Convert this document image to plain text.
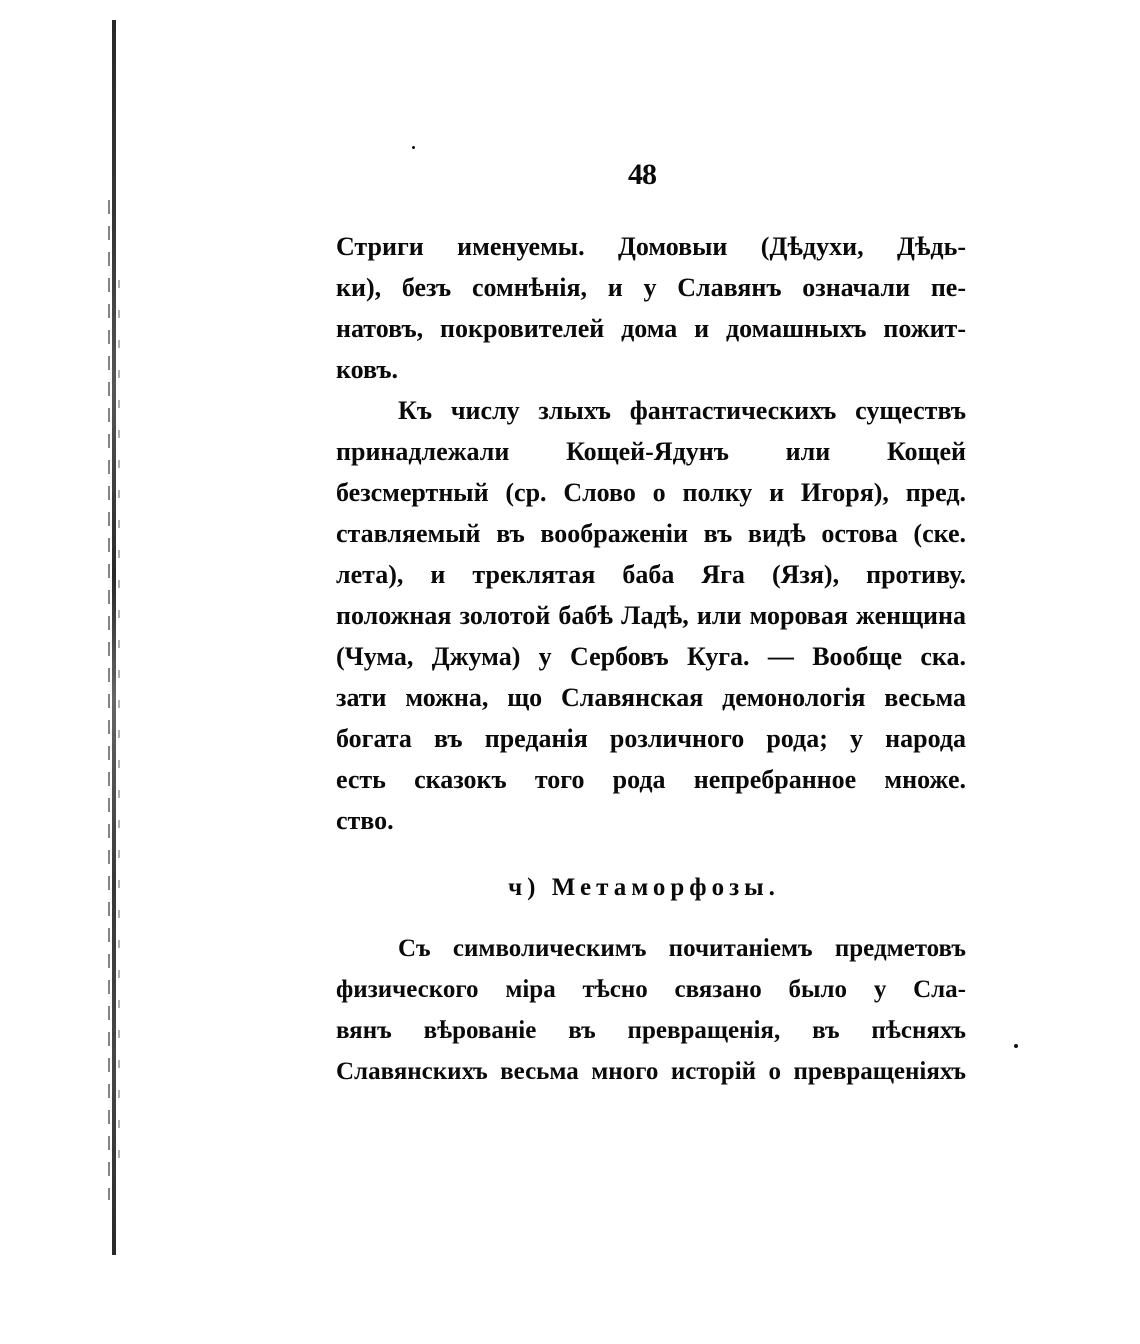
48
Стриги именуемы. Домовыи (Дѣдухи, Дѣдь-
ки), безъ сомнѣнія, и у Славянъ означали пе-
натовъ, покровителей дома и домашныхъ пожит-
ковъ.
Къ числу злыхъ фантастическихъ существъ
принадлежали Кощей-Ядунъ или Кощей
безсмертный (ср. Слово о полку и Игоря), пред.
ставляемый въ воображеніи въ видѣ остова (ске.
лета), и треклятая баба Яга (Язя), противу.
положная золотой бабѣ Ладѣ, или моровая женщина
(Чума, Джума) у Сербовъ Куга. — Вообще ска.
зати можна, що Славянская демонологія весьма
богата въ преданія розличного рода; у народа
есть сказокъ того рода непребранное множе.
ство.
ч) Метаморфозы.
Съ символическимъ почитаніемъ предметовъ
физического міра тѣсно связано было у Сла-
вянъ вѣрованіе въ превращенія, въ пѣсняхъ
Славянскихъ весьма много исторій о превращеніяхъ
